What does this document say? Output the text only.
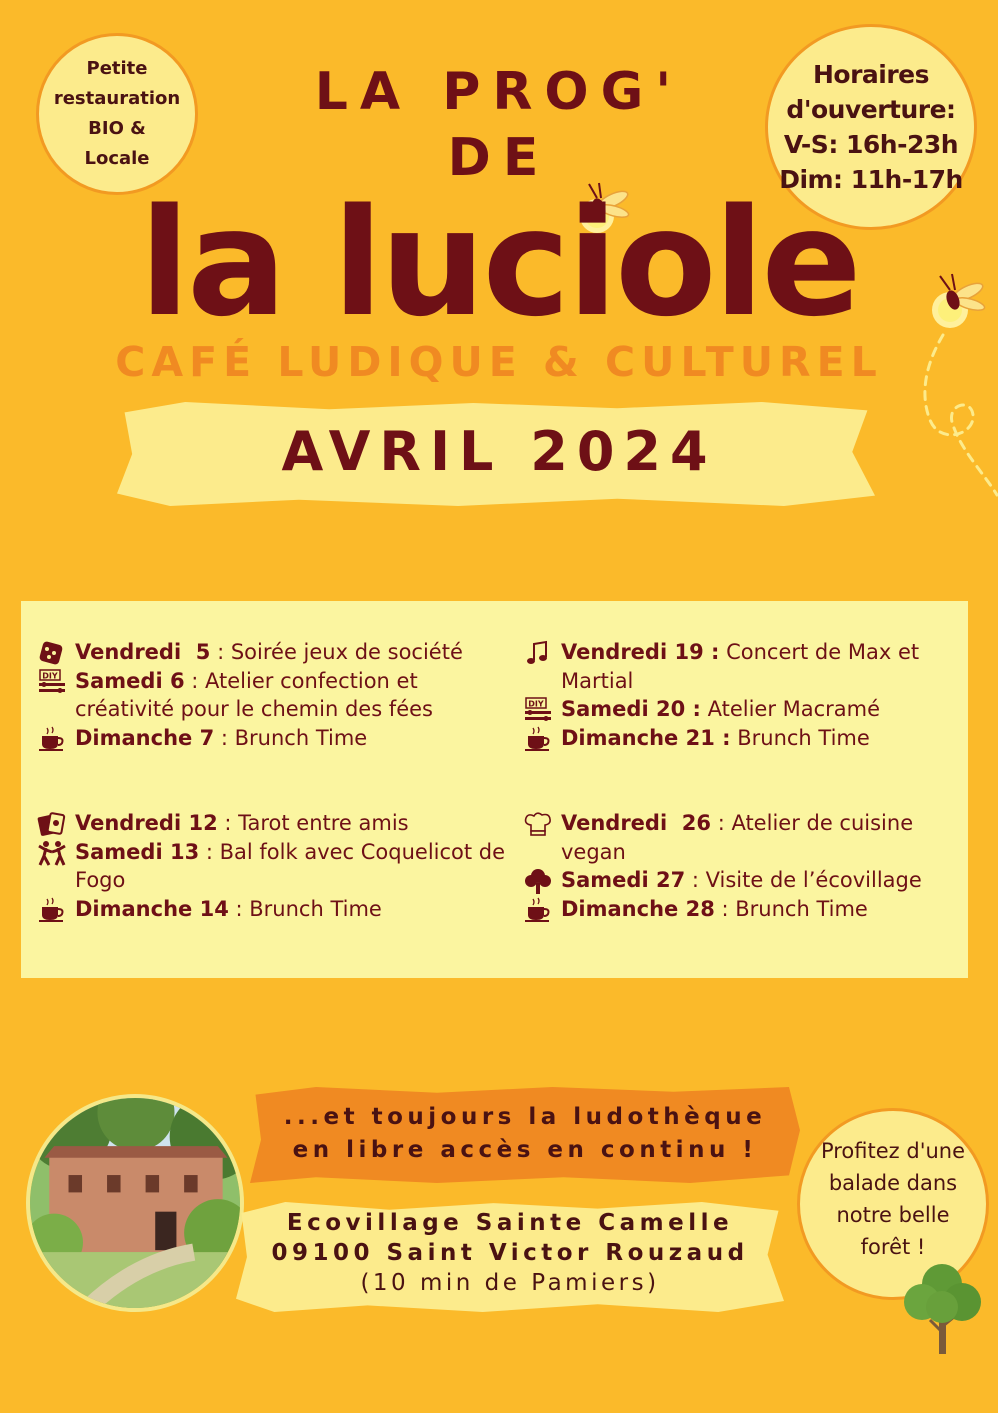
Petite
restauration
BIO &
Locale
Horaires
d'ouverture:
V-S: 16h-23h
Dim: 11h-17h
LA PROG'
DE
la luciole
CAFÉ LUDIQUE & CULTUREL
AVRIL 2024
Vendredi  5 : Soirée jeux de société
DIY Samedi 6 : Atelier confection et créativité pour le chemin des fées
Dimanche 7 : Brunch Time
Vendredi 19 : Concert de Max et Martial
DIY Samedi 20 : Atelier Macramé
Dimanche 21 : Brunch Time
Vendredi 12 : Tarot entre amis
Samedi 13 : Bal folk avec Coquelicot de Fogo
Dimanche 14 : Brunch Time
Vendredi  26 : Atelier de cuisine vegan
Samedi 27 : Visite de l’écovillage
Dimanche 28 : Brunch Time
...et toujours la ludothèque
en libre accès en continu !
Ecovillage Sainte Camelle
09100 Saint Victor Rouzaud
(10 min de Pamiers)
Profitez d'une
balade dans
notre belle
forêt !
